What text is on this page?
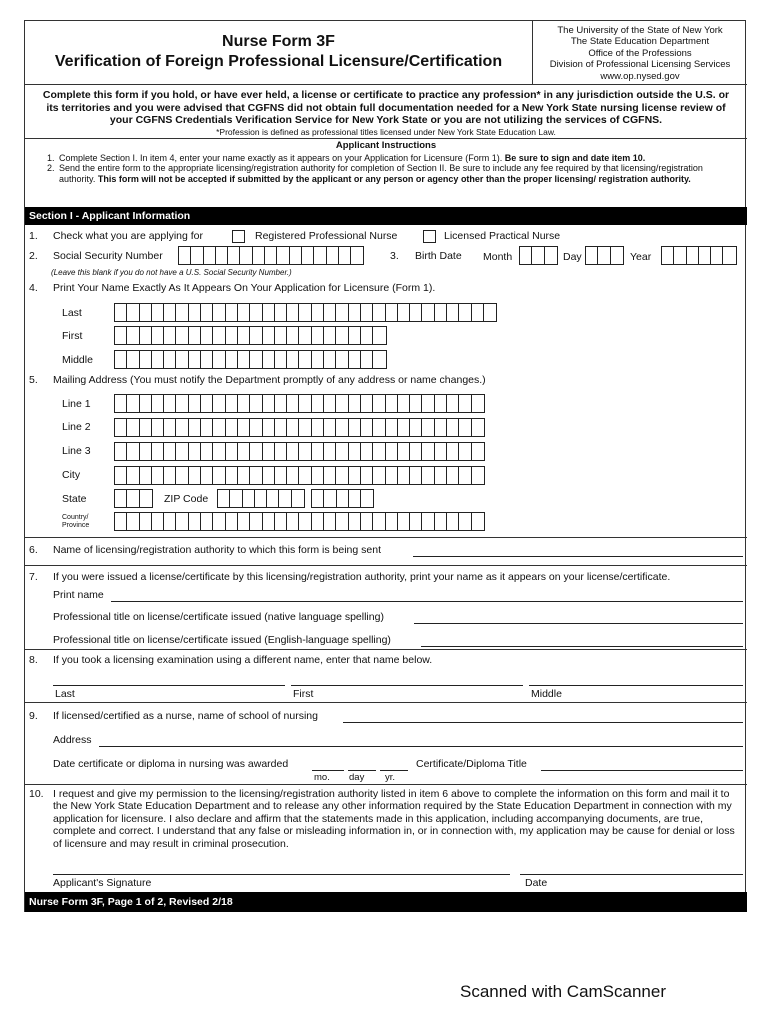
Nurse Form 3F
Verification of Foreign Professional Licensure/Certification
The University of the State of New York
The State Education Department
Office of the Professions
Division of Professional Licensing Services
www.op.nysed.gov
Complete this form if you hold, or have ever held, a license or certificate to practice any profession* in any jurisdiction outside the U.S. or its territories and you were advised that CGFNS did not obtain full documentation needed for a New York State nursing license review of your CGFNS Credentials Verification Service for New York State or you are not utilizing the services of CGFNS.
*Profession is defined as professional titles licensed under New York State Education Law.
Applicant Instructions
1. Complete Section I. In item 4, enter your name exactly as it appears on your Application for Licensure (Form 1). Be sure to sign and date item 10.
2. Send the entire form to the appropriate licensing/registration authority for completion of Section II. Be sure to include any fee required by that licensing/registration authority. This form will not be accepted if submitted by the applicant or any person or agency other than the proper licensing/ registration authority.
Section I - Applicant Information
1. Check what you are applying for	Registered Professional Nurse	Licensed Practical Nurse
2. Social Security Number
(Leave this blank if you do not have a U.S. Social Security Number.)
3. Birth Date Month	Day	Year
4. Print Your Name Exactly As It Appears On Your Application for Licensure (Form 1).
Last
First
Middle
5. Mailing Address (You must notify the Department promptly of any address or name changes.)
Line 1
Line 2
Line 3
City
State	ZIP Code
Country/ Province
6. Name of licensing/registration authority to which this form is being sent
7. If you were issued a license/certificate by this licensing/registration authority, print your name as it appears on your license/certificate.
Print name
Professional title on license/certificate issued (native language spelling)
Professional title on license/certificate issued (English-language spelling)
8. If you took a licensing examination using a different name, enter that name below.
Last	First	Middle
9. If licensed/certified as a nurse, name of school of nursing
Address
Date certificate or diploma in nursing was awarded
mo. day yr.
Certificate/Diploma Title
10. I request and give my permission to the licensing/registration authority listed in item 6 above to complete the information on this form and mail it to the New York State Education Department and to release any other information required by the State Education Department in connection with my application for licensure. I also declare and affirm that the statements made in this application, including accompanying documents, are true, complete and correct. I understand that any false or misleading information in, or in connection with, my application may be cause for denial or loss of licensure and may result in criminal prosecution.
Applicant's Signature	Date
Nurse Form 3F, Page 1 of 2, Revised 2/18
Scanned with CamScanner
